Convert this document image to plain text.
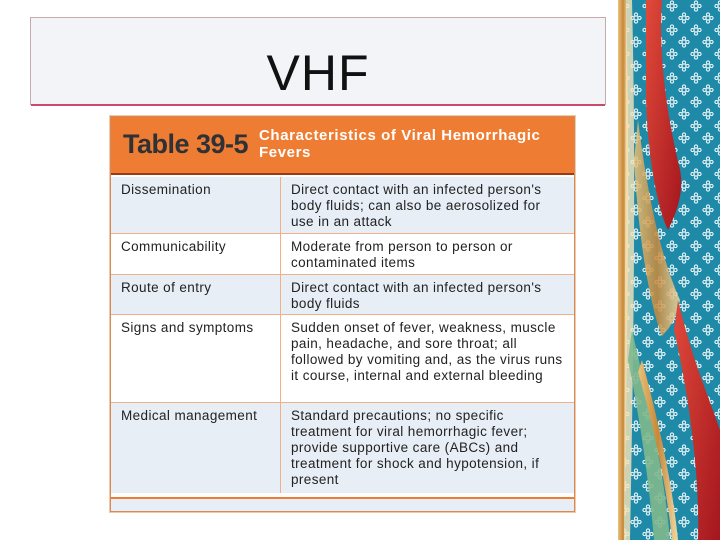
VHF
Table 39-5 Characteristics of Viral Hemorrhagic Fevers
Dissemination	Direct contact with an infected person's body fluids; can also be aerosolized for use in an attack
Communicability	Moderate from person to person or contaminated items
Route of entry	Direct contact with an infected person's body fluids
Signs and symptoms	Sudden onset of fever, weakness, muscle pain, headache, and sore throat; all followed by vomiting and, as the virus runs it course, internal and external bleeding
Medical management	Standard precautions; no specific treatment for viral hemorrhagic fever; provide supportive care (ABCs) and treatment for shock and hypotension, if present
